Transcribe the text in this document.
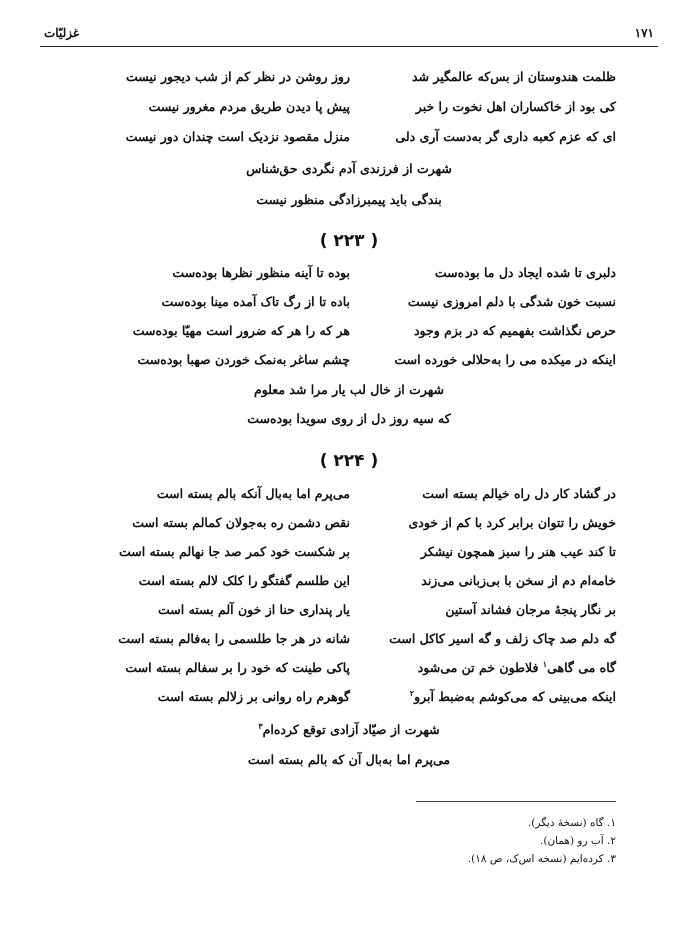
۱۷۱
غزلیّات
ظلمت هندوستان از بس‌که عالمگیر شد
روز روشن در نظر کم از شب دیجور نیست
کی بود از خاکساران اهل نخوت را خبر
پیش پا دیدن طریق مردم مغرور نیست
ای که عزم کعبه داری گر به‌دست آری دلی
منزل مقصود نزدیک است چندان دور نیست
شهرت از فرزندی آدم نگردی حق‌شناس
بندگی باید پیمبرزادگی منظور نیست
( ۲۲۳ )
دلبری تا شده ایجاد دل ما بوده‌ست
بوده تا آینه منظور نظرها بوده‌ست
نسبت خون شدگی با دلم امروزی نیست
باده تا از رگ تاک آمده مینا بوده‌ست
حرص نگذاشت بفهمیم که در بزم وجود
هر که را هر که ضرور است مهیّا بوده‌ست
اینکه در میکده می را به‌حلالی خورده است
چشم ساغر به‌نمک خوردن صهبا بوده‌ست
شهرت از خال لب یار مرا شد معلوم
که سیه روز دل از روی سویدا بوده‌ست
( ۲۲۴ )
در گشاد کار دل راه خیالم بسته است
می‌پرم اما به‌بال آنکه بالم بسته است
خویش را تتوان برابر کرد با کم از خودی
نقص دشمن ره به‌جولان کمالم بسته است
تا کند عیب هنر را سبز همچون نیشکر
بر شکست خود کمر صد جا نهالم بسته است
خامه‌ام دم از سخن با بی‌زبانی می‌زند
این طلسم گفتگو را کلک لالم بسته است
بر نگار پنجهٔ مرجان فشاند آستین
یار پنداری حنا از خون آلم بسته است
گه دلم صد چاک زلف و گه اسیر کاکل است
شانه در هر جا طلسمی را به‌فالم بسته است
گاه می گاهی$^۱$ فلاطون خم تن می‌شود
پاکی طینت که خود را بر سفالم بسته است
اینکه می‌بینی که می‌کوشم به‌ضبط آبرو$^۲$
گوهرم راه روانی بر زلالم بسته است
شهرت از صیّاد آزادی توقع کرده‌ام$^۳$
می‌پرم اما به‌بال آن که بالم بسته است
۱. گاه (نسخهٔ دیگر).
۲. آب رو (همان).
۳. کرده‌ایم (نسخه اس‌ک، ص ۱۸).
